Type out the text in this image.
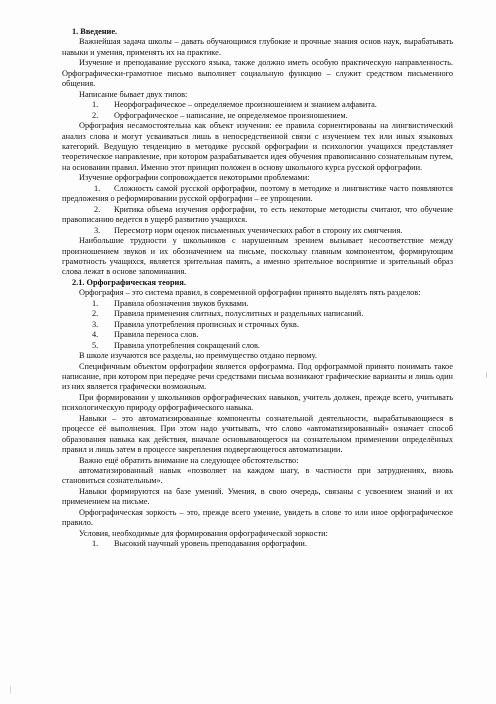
1. Введение.

Важнейшая задача школы – давать обучающимся глубокие и прочные знания основ наук, вырабатывать навыки и умения, применять их на практике.

Изучение и преподавание русского языка, также должно иметь особую практическую направленность. Орфографически-грамотное письмо выполняет социальную функцию – служит средством письменного общения.

Написание бывает двух типов:

1.	Неорфографическое – определяемое произношением и знанием алфавита.
2.	Орфографическое – написание, не определяемое произношением.

Орфография несамостоятельна как объект изучения: ее правила сориентированы на лингвистический анализ слова и могут усваиваться лишь в непосредственной связи с изучением тех или иных языковых категорий. Ведущую тенденцию в методике русской орфографии и психологии учащихся представляет теоретическое направление, при котором разрабатывается идея обучения правописанию сознательным путем, на основании правил. Именно этот принцип положен в основу школьного курса русской орфографии.

Изучение орфографии сопровождается некоторыми проблемами:

1. Сложность самой русской орфографии, поэтому в методике и лингвистике часто появляются предложения о реформировании русской орфографии – ее упрощении.

2. Критика объема изучения орфографии, то есть некоторые методисты считают, что обучение правописанию ведется в ущерб развитию учащихся.

3. Пересмотр норм оценок письменных ученических работ в сторону их смягчения.

Наибольшие трудности у школьников с нарушенным зрением вызывает несоответствие между произношением звуков и их обозначением на письме, поскольку главным компонентом, формирующим грамотность учащихся, является зрительная память, а именно зрительное восприятие и зрительный образ слова лежат в основе запоминания.

2.1. Орфографическая теория.

Орфография – это система правил, в современной орфографии принято выделять пять разделов:

1.	Правила обозначения звуков буквами.
2.	Правила применения слитных, полуслитных и раздельных написаний.
3.	Правила употребления прописных и строчных букв.
4.	Правила переноса слов.
5.	Правила употребления сокращений слов.

В школе изучаются все разделы, но преимущество отдано первому.

Специфичным объектом орфографии является орфограмма. Под орфограммой принято понимать такое написание, при котором при передаче речи средствами письма возникают графические варианты и лишь один из них является графически возможным.

При формировании у школьников орфографических навыков, учитель должен, прежде всего, учитывать психологическую природу орфографического навыка.

Навыки – это автоматизированные компоненты сознательной деятельности, вырабатывающиеся в процессе её выполнения. При этом надо учитывать, что слово «автоматизированный» означает способ образования навыка как действия, вначале основывающегося на сознательном применении определённых правил и лишь затем в процессе закрепления подвергающегося автоматизации.

Важно ещё обратить внимание на следующее обстоятельство:

автоматизированный навык «позволяет на каждом шагу, в частности при затруднениях, вновь становиться сознательным».

Навыки формируются на базе умений. Умения, в свою очередь, связаны с усвоением знаний и их применением на письме.

Орфографическая зоркость – это, прежде всего умение, увидеть в слове то или иное орфографическое правило.

Условия, необходимые для формирования орфографической зоркости:

1.	Высокий научный уровень преподавания орфографии.
